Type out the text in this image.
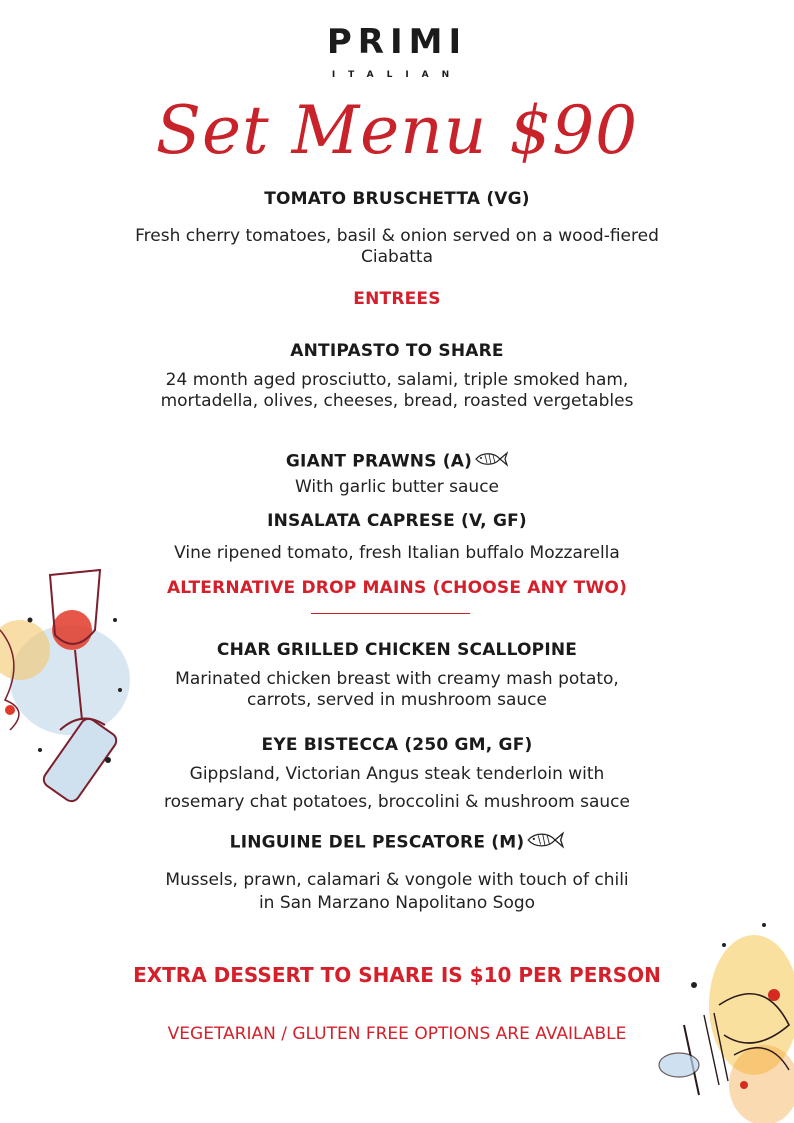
PRIMI
ITALIAN
Set Menu $90
TOMATO BRUSCHETTA (VG)
Fresh cherry tomatoes, basil & onion served on a wood-fiered
Ciabatta
ENTREES
ANTIPASTO TO SHARE
24 month aged prosciutto, salami, triple smoked ham,
mortadella, olives, cheeses, bread, roasted vergetables
GIANT PRAWNS (A)
With garlic butter sauce
INSALATA CAPRESE (V, GF)
Vine ripened tomato, fresh Italian buffalo Mozzarella
ALTERNATIVE DROP MAINS (CHOOSE ANY TWO)
CHAR GRILLED CHICKEN SCALLOPINE
Marinated chicken breast with creamy mash potato,
carrots, served in mushroom sauce
EYE BISTECCA (250 GM, GF)
Gippsland, Victorian Angus steak tenderloin with
rosemary chat potatoes, broccolini & mushroom sauce
LINGUINE DEL PESCATORE (M)
Mussels, prawn, calamari & vongole with touch of chili
in San Marzano Napolitano Sogo
EXTRA DESSERT TO SHARE IS $10 PER PERSON
VEGETARIAN / GLUTEN FREE OPTIONS ARE AVAILABLE
